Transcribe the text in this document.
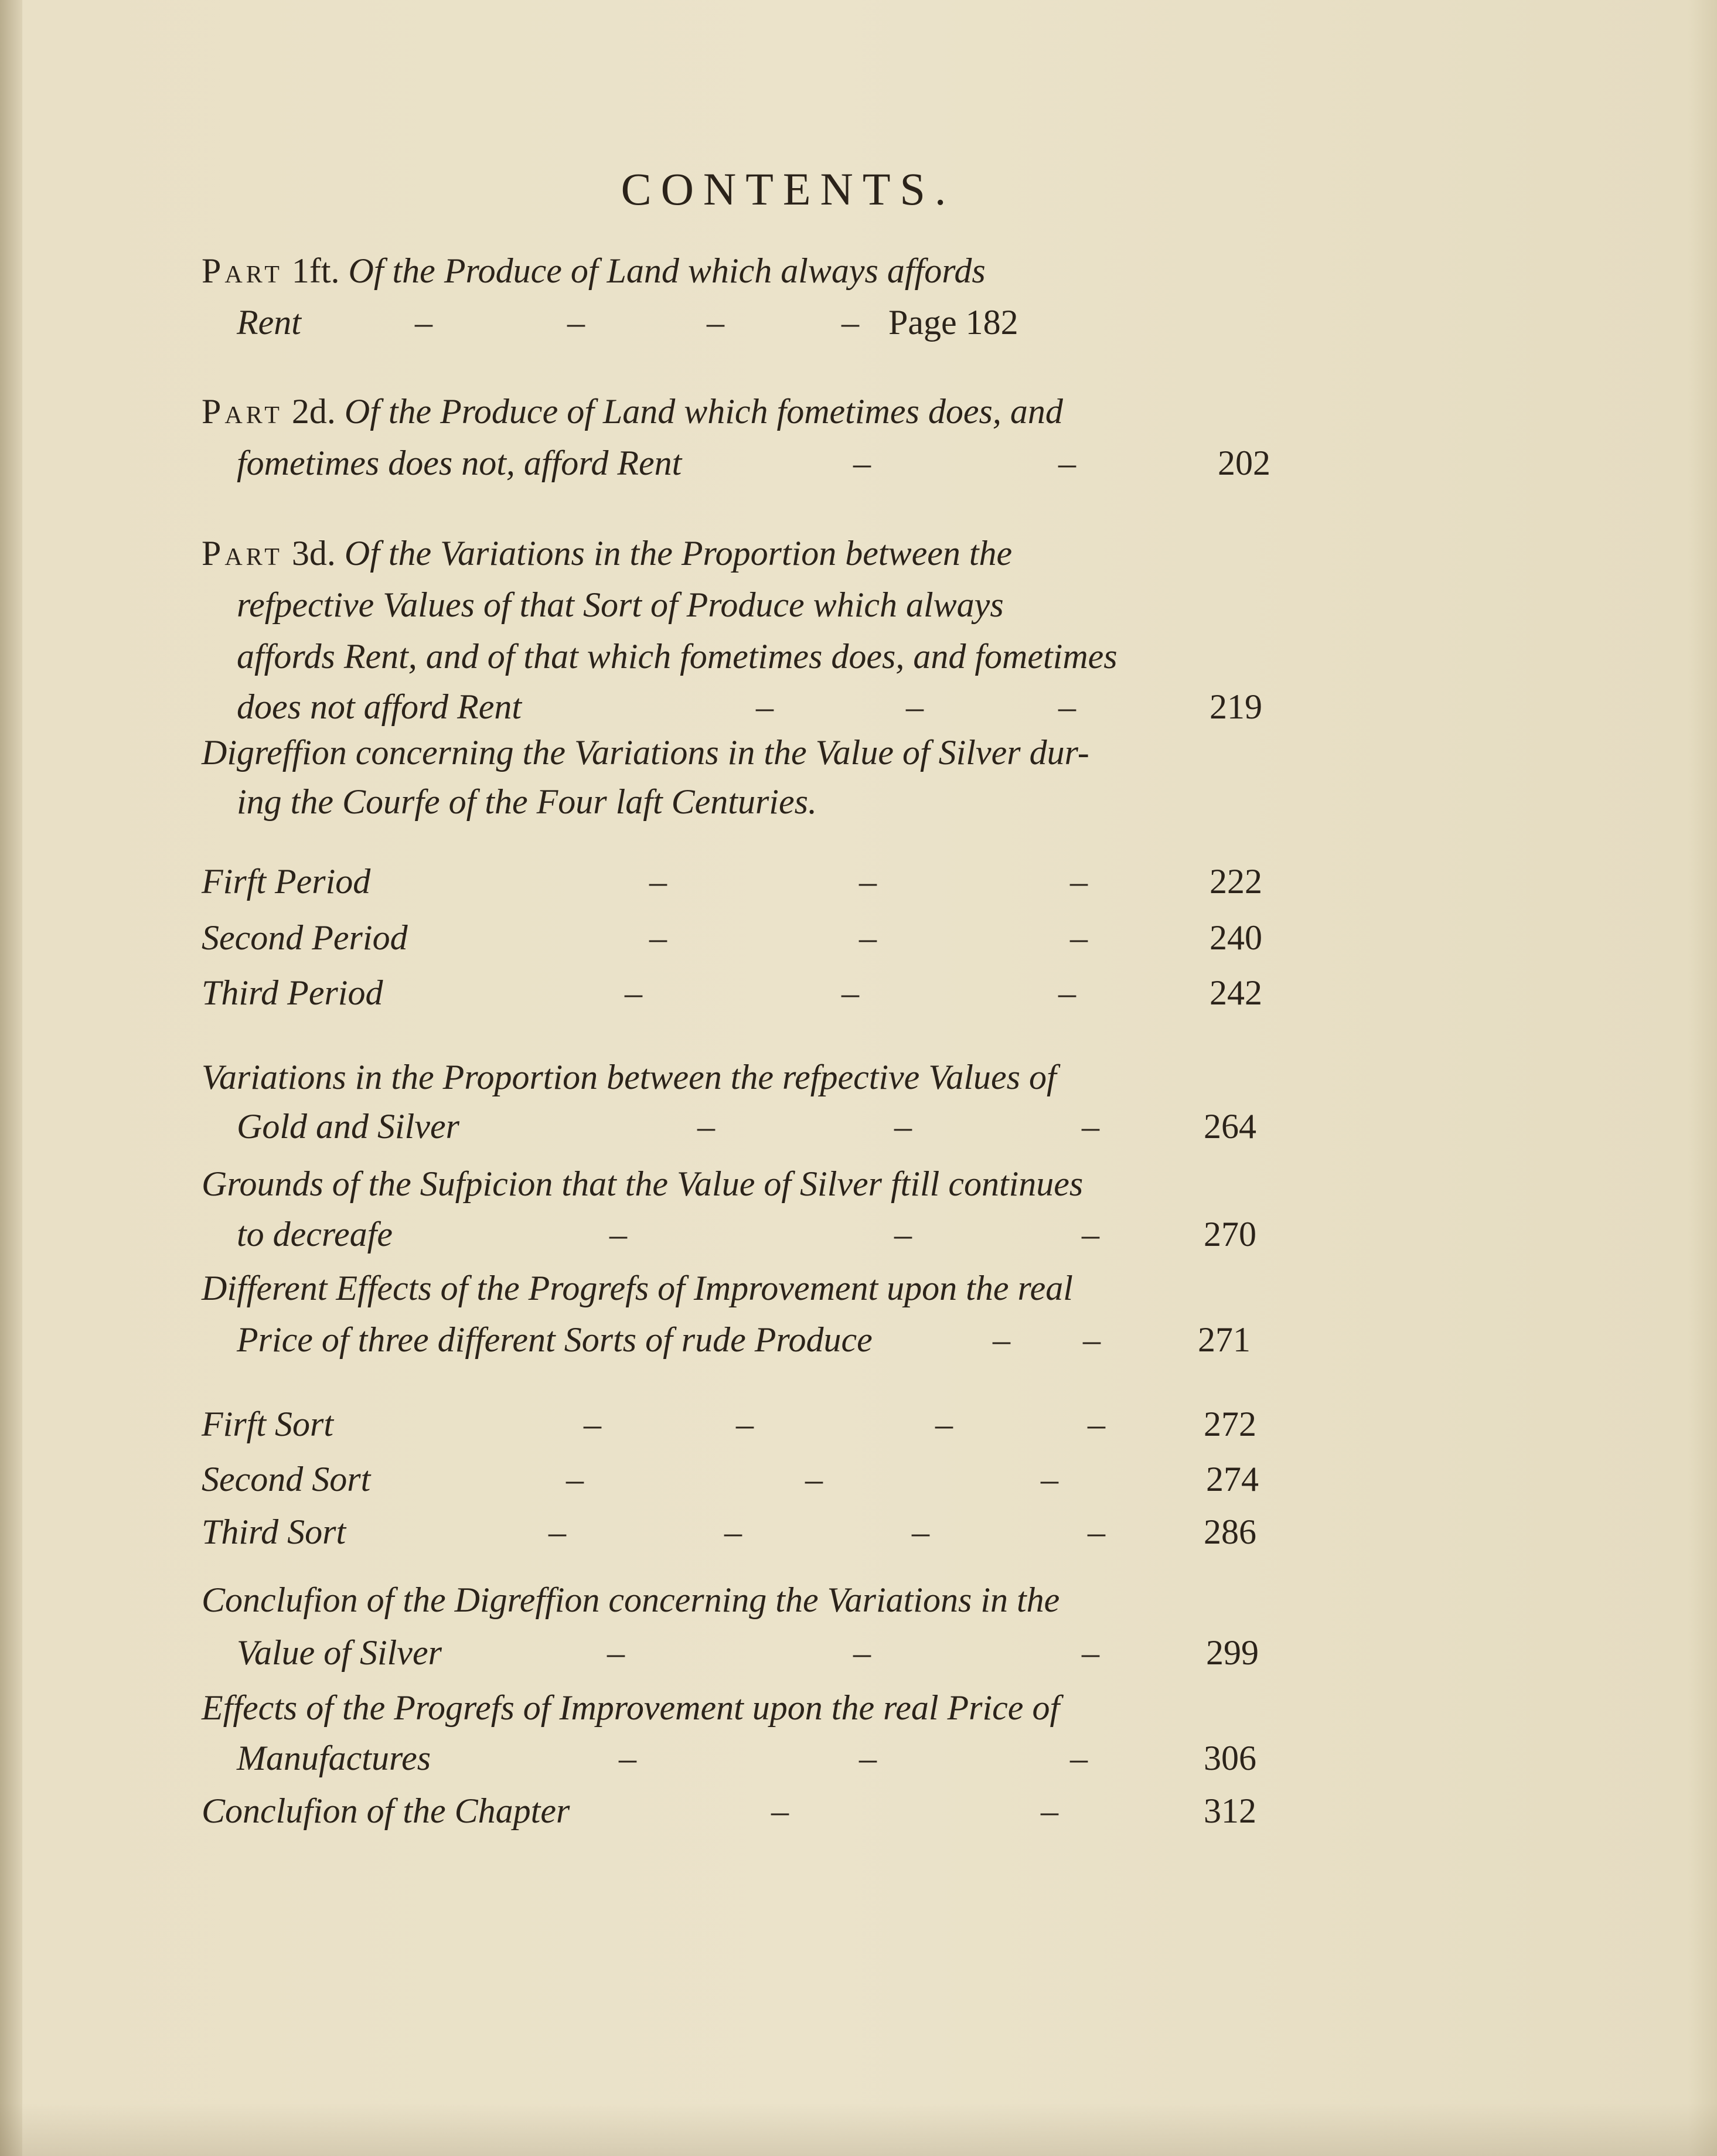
CONTENTS.
Part 1ft. Of the Produce of Land which always affords
Rent	–	–	–	– Page 182
Part 2d. Of the Produce of Land which fometimes does, and
fometimes does not, afford Rent	–	–	202
Part 3d. Of the Variations in the Proportion between the
refpective Values of that Sort of Produce which always
affords Rent, and of that which fometimes does, and fometimes
does not afford Rent	–	–	–	219
Digreffion concerning the Variations in the Value of Silver dur-
ing the Courfe of the Four laft Centuries.
Firft Period	–	–	–	222
Second Period	–	–	–	240
Third Period	–	–	–	242
Variations in the Proportion between the refpective Values of
Gold and Silver	–	–	–	264
Grounds of the Sufpicion that the Value of Silver ftill continues
to decreafe	–	–	–	270
Different Effects of the Progrefs of Improvement upon the real
Price of three different Sorts of rude Produce	– –	271
Firft Sort	–	–	–	–	272
Second Sort	–	–	–	274
Third Sort	–	–	–	–	286
Conclufion of the Digreffion concerning the Variations in the
Value of Silver	–	–	–	299
Effects of the Progrefs of Improvement upon the real Price of
Manufactures	–	–	–	306
Conclufion of the Chapter	–	–	312
